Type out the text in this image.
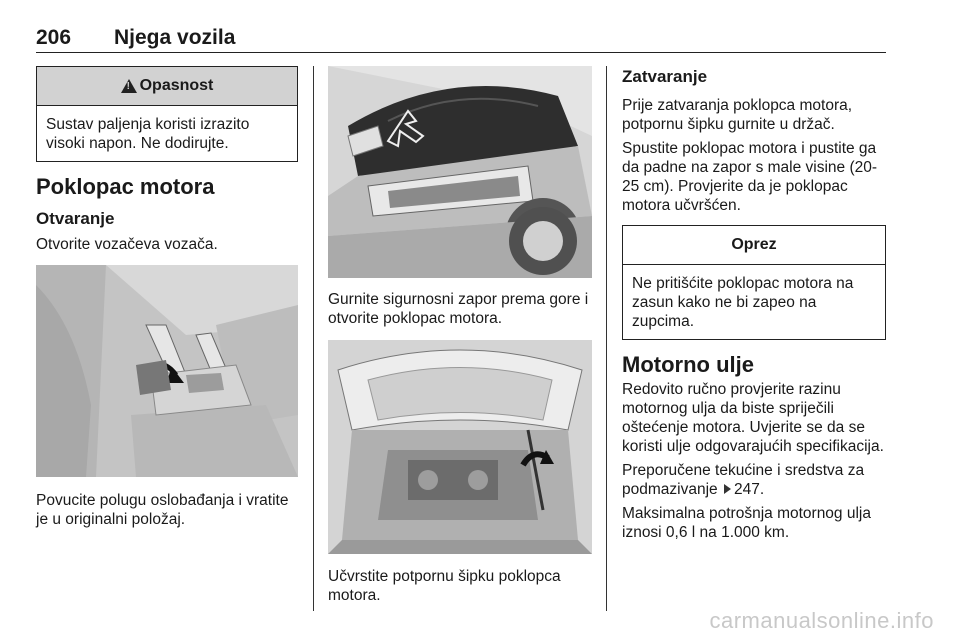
206 Njega vozila
!
Opasnost
Sustav paljenja koristi izrazito visoki napon. Ne dodirujte.
Poklopac motora
Otvaranje

Otvorite vozačeva vozača.

Povucite polugu oslobađanja i vratite je u originalni položaj.

Gurnite sigurnosni zapor prema gore i otvorite poklopac motora.

Učvrstite potpornu šipku poklopca motora.

Zatvaranje

Prije zatvaranja poklopca motora, potpornu šipku gurnite u držač.

Spustite poklopac motora i pustite ga da padne na zapor s male visine (20-25 cm). Provjerite da je poklopac motora učvršćen.

Oprez
Ne pritišćite poklopac motora na zasun kako ne bi zapeo na zupcima.
Motorno ulje

Redovito ručno provjerite razinu motornog ulja da biste spriječili oštećenje motora. Uvjerite se da se koristi ulje odgovarajućih specifikacija.

Preporučene tekućine i sredstva za podmazivanje 247.

Maksimalna potrošnja motornog ulja iznosi 0,6 l na 1.000 km.

carmanualsonline.info
